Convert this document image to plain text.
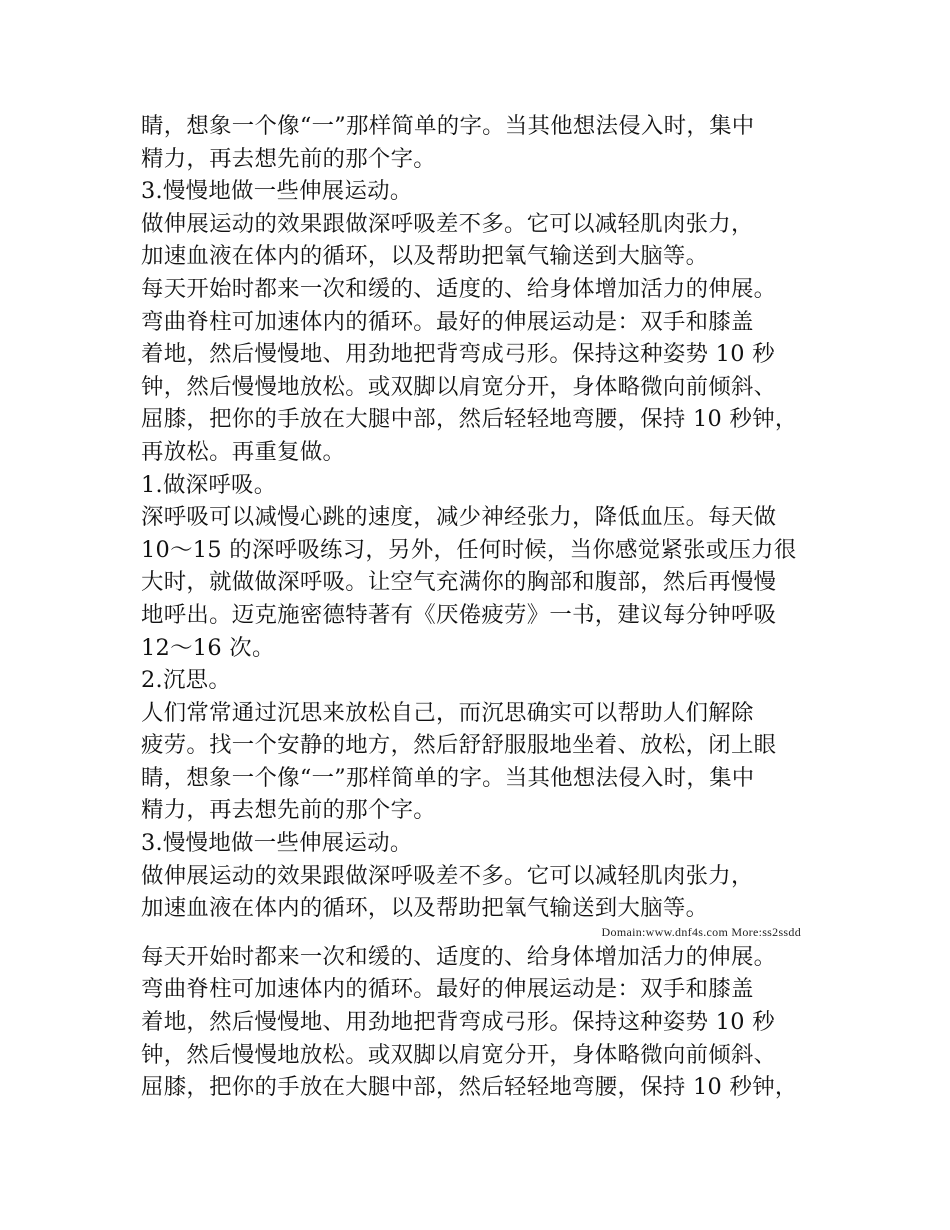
睛，想象一个像“一”那样简单的字。当其他想法侵入时，集中
精力，再去想先前的那个字。
3.慢慢地做一些伸展运动。
做伸展运动的效果跟做深呼吸差不多。它可以减轻肌肉张力，
加速血液在体内的循环，以及帮助把氧气输送到大脑等。
每天开始时都来一次和缓的、适度的、给身体增加活力的伸展。
弯曲脊柱可加速体内的循环。最好的伸展运动是：双手和膝盖
着地，然后慢慢地、用劲地把背弯成弓形。保持这种姿势 10 秒
钟，然后慢慢地放松。或双脚以肩宽分开，身体略微向前倾斜、
屈膝，把你的手放在大腿中部，然后轻轻地弯腰，保持 10 秒钟，
再放松。再重复做。
1.做深呼吸。
深呼吸可以减慢心跳的速度，减少神经张力，降低血压。每天做
10～15 的深呼吸练习，另外，任何时候，当你感觉紧张或压力很
大时，就做做深呼吸。让空气充满你的胸部和腹部，然后再慢慢
地呼出。迈克施密德特著有《厌倦疲劳》一书，建议每分钟呼吸
12～16 次。
2.沉思。
人们常常通过沉思来放松自己，而沉思确实可以帮助人们解除
疲劳。找一个安静的地方，然后舒舒服服地坐着、放松，闭上眼
睛，想象一个像“一”那样简单的字。当其他想法侵入时，集中
精力，再去想先前的那个字。
3.慢慢地做一些伸展运动。
做伸展运动的效果跟做深呼吸差不多。它可以减轻肌肉张力，
加速血液在体内的循环，以及帮助把氧气输送到大脑等。
Domain:www.dnf4s.com More:ss2ssdd
每天开始时都来一次和缓的、适度的、给身体增加活力的伸展。
弯曲脊柱可加速体内的循环。最好的伸展运动是：双手和膝盖
着地，然后慢慢地、用劲地把背弯成弓形。保持这种姿势 10 秒
钟，然后慢慢地放松。或双脚以肩宽分开，身体略微向前倾斜、
屈膝，把你的手放在大腿中部，然后轻轻地弯腰，保持 10 秒钟，
